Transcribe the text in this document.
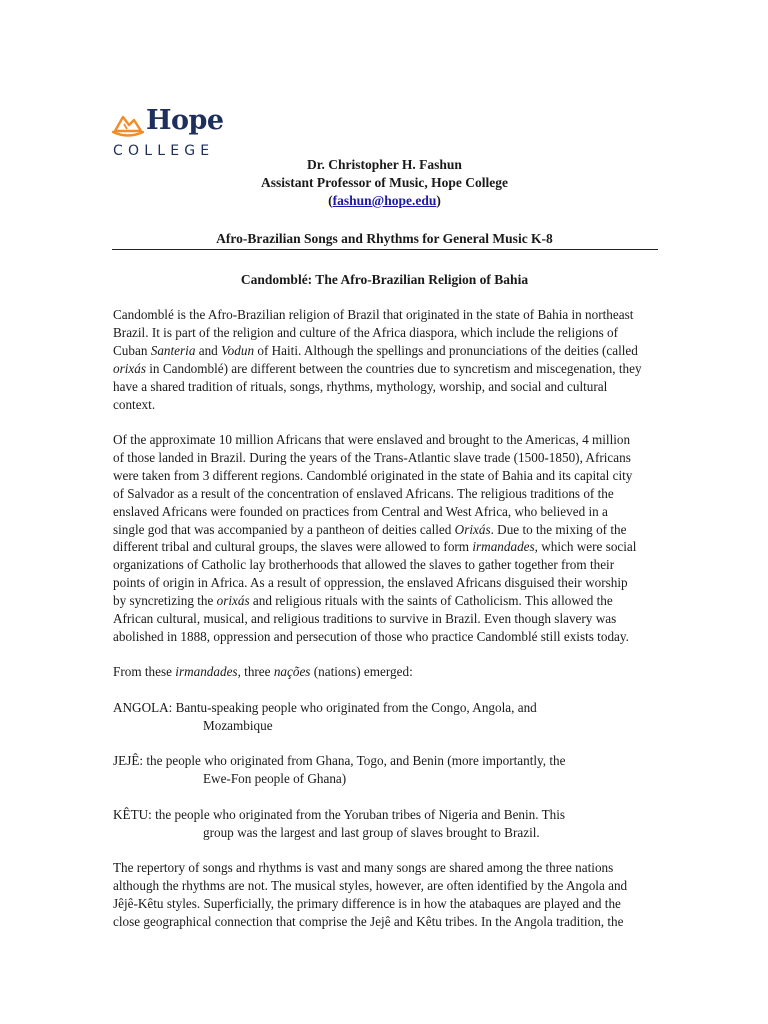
Hope
COLLEGE
Dr. Christopher H. Fashun
Assistant Professor of Music, Hope College
(fashun@hope.edu)
Afro-Brazilian Songs and Rhythms for General Music K-8
Candomblé: The Afro-Brazilian Religion of Bahia
Candomblé is the Afro-Brazilian religion of Brazil that originated in the state of Bahia in northeast
Brazil. It is part of the religion and culture of the Africa diaspora, which include the religions of
Cuban Santeria and Vodun of Haiti. Although the spellings and pronunciations of the deities (called
orixás in Candomblé) are different between the countries due to syncretism and miscegenation, they
have a shared tradition of rituals, songs, rhythms, mythology, worship, and social and cultural
context.
Of the approximate 10 million Africans that were enslaved and brought to the Americas, 4 million
of those landed in Brazil. During the years of the Trans-Atlantic slave trade (1500-1850), Africans
were taken from 3 different regions. Candomblé originated in the state of Bahia and its capital city
of Salvador as a result of the concentration of enslaved Africans. The religious traditions of the
enslaved Africans were founded on practices from Central and West Africa, who believed in a
single god that was accompanied by a pantheon of deities called Orixás. Due to the mixing of the
different tribal and cultural groups, the slaves were allowed to form irmandades, which were social
organizations of Catholic lay brotherhoods that allowed the slaves to gather together from their
points of origin in Africa. As a result of oppression, the enslaved Africans disguised their worship
by syncretizing the orixás and religious rituals with the saints of Catholicism. This allowed the
African cultural, musical, and religious traditions to survive in Brazil. Even though slavery was
abolished in 1888, oppression and persecution of those who practice Candomblé still exists today.
From these irmandades, three nações (nations) emerged:
ANGOLA: Bantu-speaking people who originated from the Congo, Angola, and
Mozambique
JEJÊ: the people who originated from Ghana, Togo, and Benin (more importantly, the
Ewe-Fon people of Ghana)
KÊTU: the people who originated from the Yoruban tribes of Nigeria and Benin. This
group was the largest and last group of slaves brought to Brazil.
The repertory of songs and rhythms is vast and many songs are shared among the three nations
although the rhythms are not. The musical styles, however, are often identified by the Angola and
Jêjê-Kêtu styles. Superficially, the primary difference is in how the atabaques are played and the
close geographical connection that comprise the Jejê and Kêtu tribes. In the Angola tradition, the
